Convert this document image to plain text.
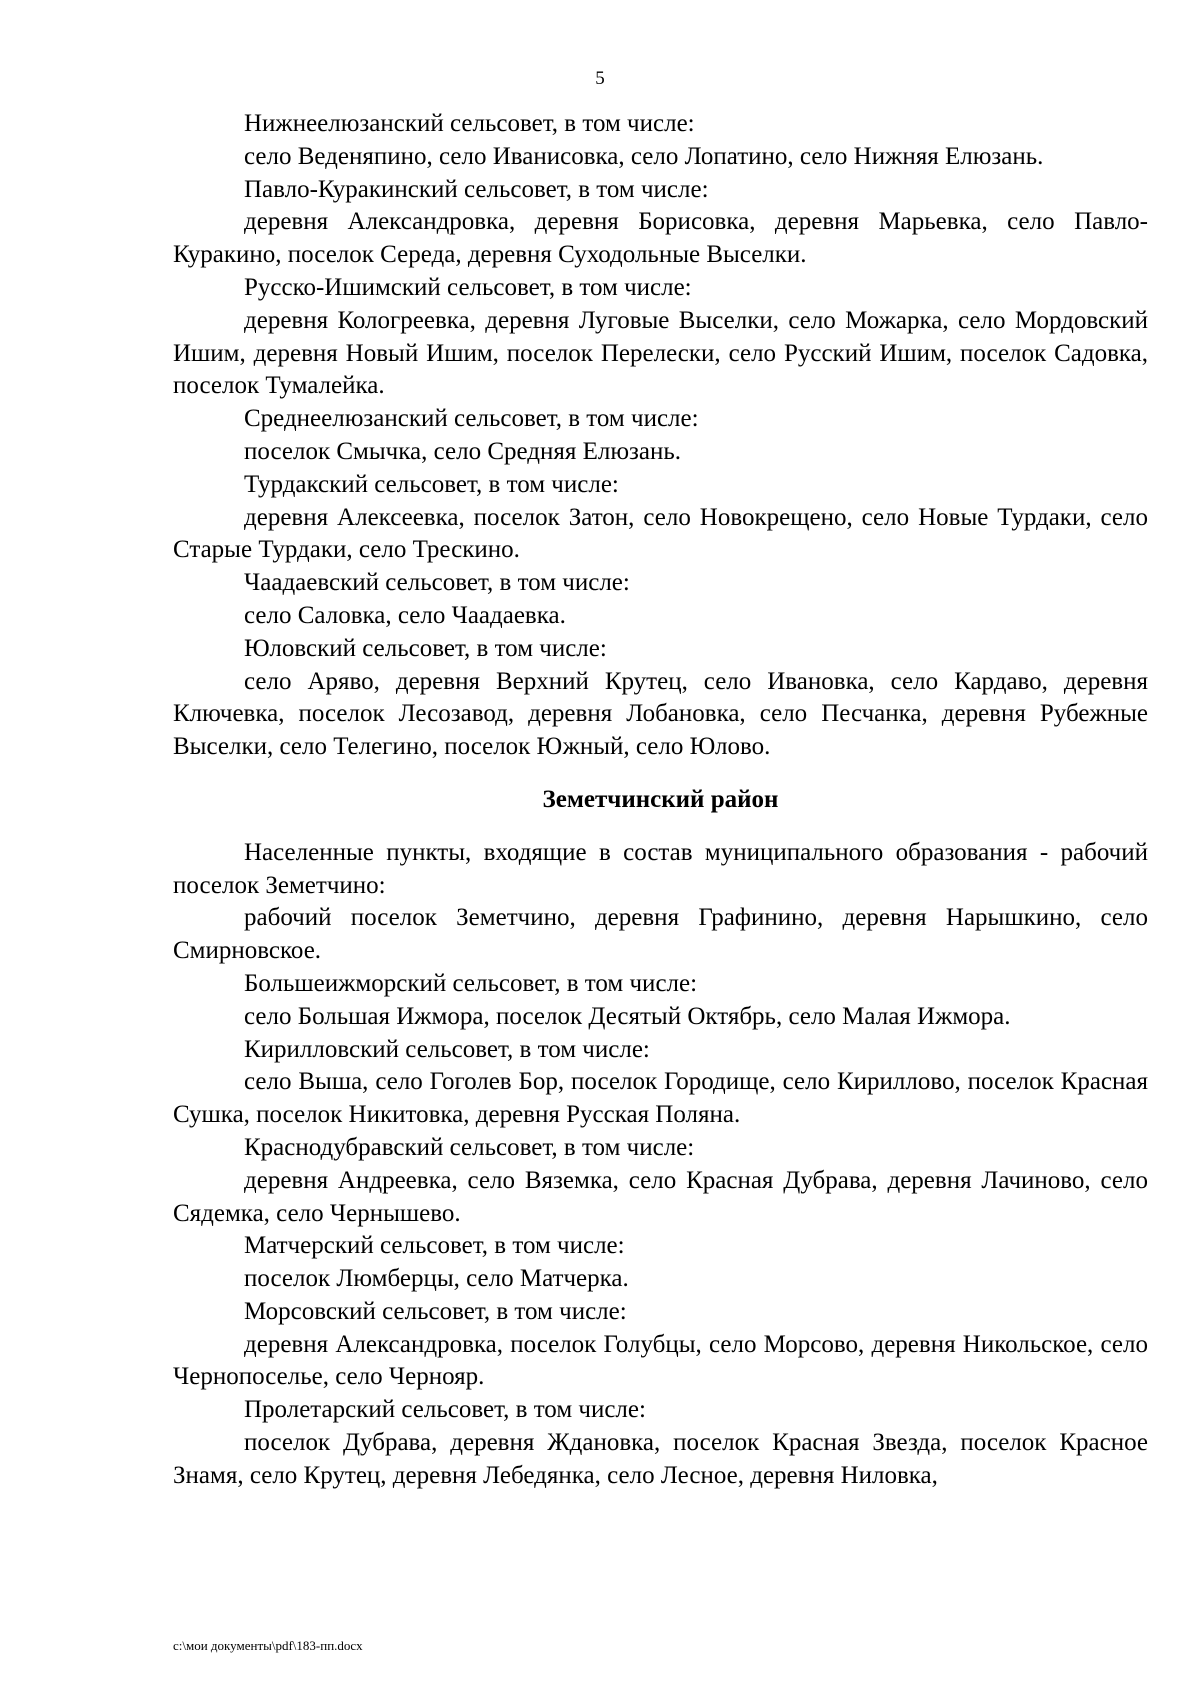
5

Нижнеелюзанский сельсовет, в том числе:

село Веденяпино, село Иванисовка, село Лопатино, село Нижняя Елюзань.

Павло-Куракинский сельсовет, в том числе:

деревня Александровка, деревня Борисовка, деревня Марьевка, село Павло-Куракино, поселок Середа, деревня Суходольные Выселки.

Русско-Ишимский сельсовет, в том числе:

деревня Кологреевка, деревня Луговые Выселки, село Можарка, село Мордовский Ишим, деревня Новый Ишим, поселок Перелески, село Русский Ишим, поселок Садовка, поселок Тумалейка.

Среднеелюзанский сельсовет, в том числе:

поселок Смычка, село Средняя Елюзань.

Турдакский сельсовет, в том числе:

деревня Алексеевка, поселок Затон, село Новокрещено, село Новые Турдаки, село Старые Турдаки, село Трескино.

Чаадаевский сельсовет, в том числе:

село Саловка, село Чаадаевка.

Юловский сельсовет, в том числе:

село Аряво, деревня Верхний Крутец, село Ивановка, село Кардаво, деревня Ключевка, поселок Лесозавод, деревня Лобановка, село Песчанка, деревня Рубежные Выселки, село Телегино, поселок Южный, село Юлово.

Земетчинский район

Населенные пункты, входящие в состав муниципального образования - рабочий поселок Земетчино:

рабочий поселок Земетчино, деревня Графинино, деревня Нарышкино, село Смирновское.

Большеижморский сельсовет, в том числе:

село Большая Ижмора, поселок Десятый Октябрь, село Малая Ижмора.

Кирилловский сельсовет, в том числе:

село Выша, село Гоголев Бор, поселок Городище, село Кириллово, поселок Красная Сушка, поселок Никитовка, деревня Русская Поляна.

Краснодубравский сельсовет, в том числе:

деревня Андреевка, село Вяземка, село Красная Дубрава, деревня Лачиново, село Сядемка, село Чернышево.

Матчерский сельсовет, в том числе:

поселок Люмберцы, село Матчерка.

Морсовский сельсовет, в том числе:

деревня Александровка, поселок Голубцы, село Морсово, деревня Никольское, село Чернопоселье, село Чернояр.

Пролетарский сельсовет, в том числе:

поселок Дубрава, деревня Ждановка, поселок Красная Звезда, поселок Красное Знамя, село Крутец, деревня Лебедянка, село Лесное, деревня Ниловка,

c:\мои документы\pdf\183-пп.docx
